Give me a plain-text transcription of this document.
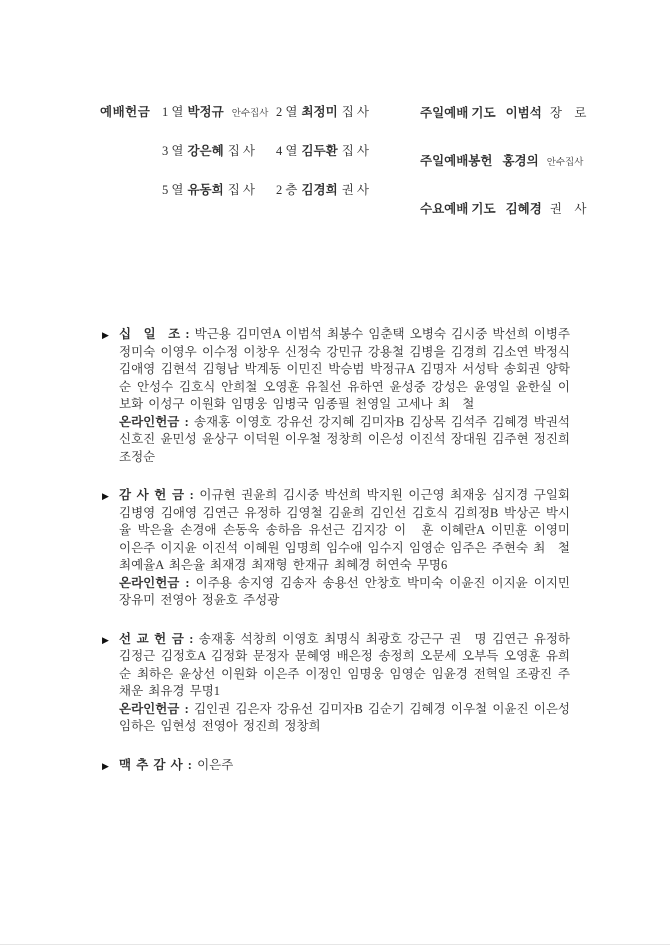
예배헌금 1 열 박정규 안수집사 2 열 최정미 집 사
3 열 강은혜 집 사	4 열 김두환 집 사
5 열 유동희 집 사	2 층 김경희 권 사
주일예배 기도 이범석 장　로
주일예배봉헌 홍경의 안수집사
수요예배 기도 김혜경 권　사
▶ 십　일　조 : 박근용 김미연A 이범석 최봉수 임춘택 오병숙 김시중 박선희 이병주 정미숙 이영우 이수정 이창우 신정숙 강민규 강용철 김병을 김경희 김소연 박정식 김애영 김현석 김형남 박계동 이민진 박승범 박정규A 김명자 서성탁 송회권 양학순 안성수 김호식 안희철 오영훈 유칠선 유하연 윤성중 강성은 윤영일 윤한실 이보화 이성구 이원화 임명웅 임병국 임종필 천영일 고세나 최　철

온라인헌금 : 송재홍 이영호 강유선 강지혜 김미자B 김상목 김석주 김혜경 박권석 신호진 윤민성 윤상구 이덕원 이우철 정창희 이은성 이진석 장대원 김주현 정진희 조정순

▶ 감 사 헌 금 : 이규현 권윤희 김시중 박선희 박지원 이근영 최재웅 심지경 구일회 김병영 김애영 김연근 유정하 김영철 김윤희 김인선 김호식 김희정B 박상곤 박시율 박은율 손경애 손동욱 송하음 유선근 김지강 이　훈 이혜란A 이민훈 이영미 이은주 이지윤 이진석 이혜원 임명희 임수애 임수지 임영순 임주은 주현숙 최　철 최예율A 최은율 최재경 최재형 한재규 최혜경 허연숙 무명6

온라인헌금 : 이주용 송지영 김송자 송용선 안창호 박미숙 이윤진 이지윤 이지민 장유미 전영아 정윤호 주성광

▶ 선 교 헌 금 : 송재홍 석창희 이영호 최명식 최광호 강근구 권　명 김연근 유정하 김정근 김정호A 김정화 문정자 문혜영 배은정 송정희 오문세 오부득 오영훈 유희순 최하은 윤상선 이원화 이은주 이정인 임명웅 임영순 임윤경 전혁일 조광진 주채운 최유경 무명1

온라인헌금 : 김인권 김은자 강유선 김미자B 김순기 김혜경 이우철 이윤진 이은성 임하은 임현성 전영아 정진희 정창희

▶ 맥 추 감 사 : 이은주
